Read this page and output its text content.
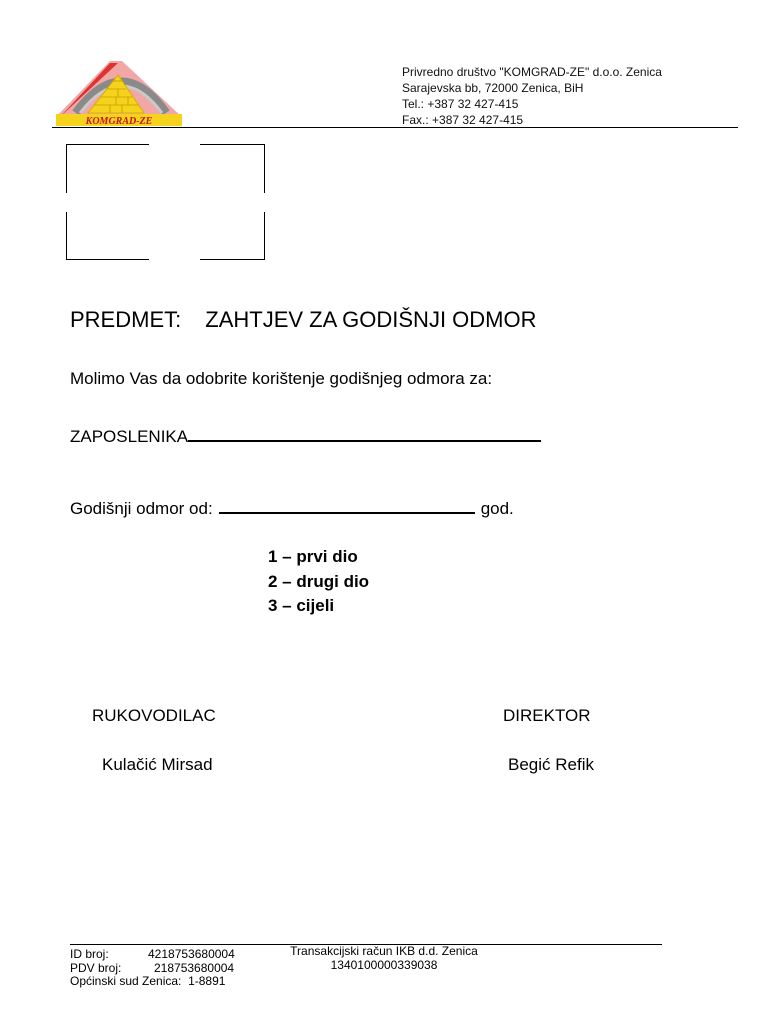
KOMGRAD-ZE
Privredno društvo "KOMGRAD-ZE" d.o.o. Zenica
Sarajevska bb, 72000 Zenica, BiH
Tel.: +387 32 427-415
Fax.: +387 32 427-415
PREDMET: ZAHTJEV ZA GODIŠNJI ODMOR
Molimo Vas da odobrite korištenje godišnjeg odmora za:
ZAPOSLENIKA
Godišnji odmor od:	god.
1 – prvi dio
2 – drugi dio
3 – cijeli
RUKOVODILAC
Kulačić Mirsad
DIREKTOR
Begić Refik
ID broj:	4218753680004
PDV broj:	218753680004
Općinski sud Zenica: 1-8891
Transakcijski račun IKB d.d. Zenica
1340100000339038
